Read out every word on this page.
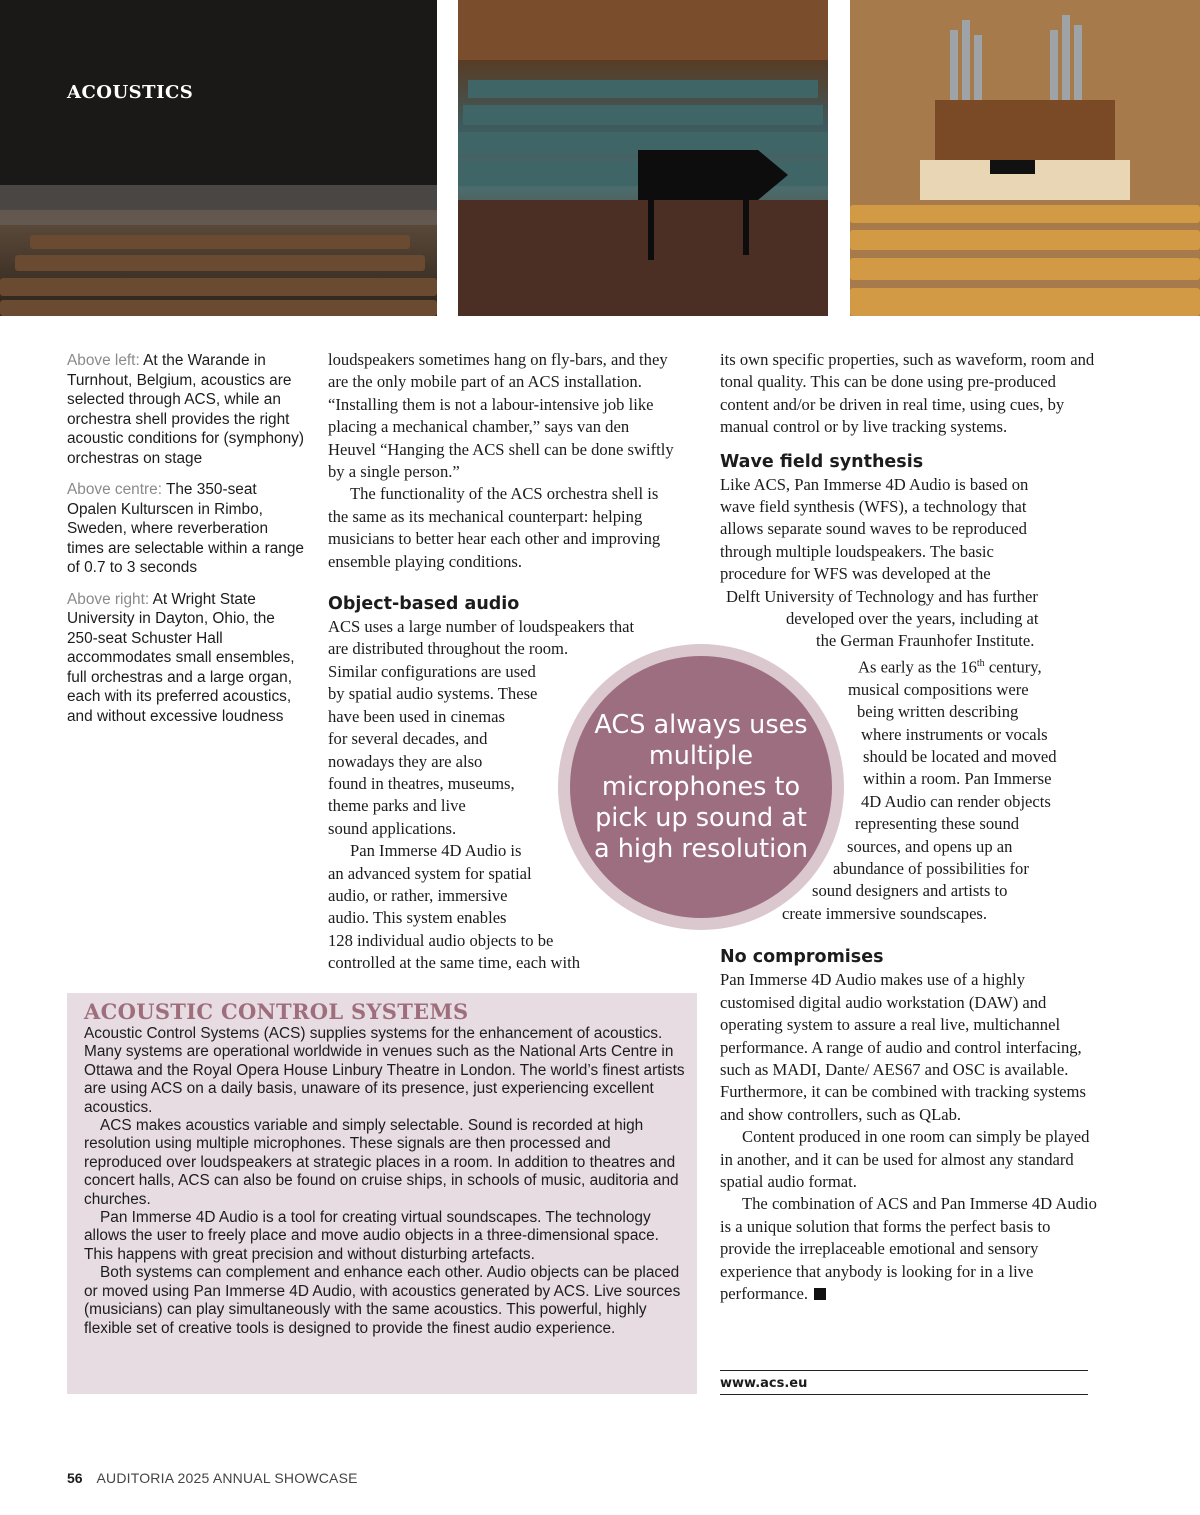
ACOUSTICS

Above left: At the Warande in Turnhout, Belgium, acoustics are selected through ACS, while an orchestra shell provides the right acoustic conditions for (symphony) orchestras on stage

Above centre: The 350-seat Opalen Kulturscen in Rimbo, Sweden, where reverberation times are selectable within a range of 0.7 to 3 seconds

Above right: At Wright State University in Dayton, Ohio, the 250-seat Schuster Hall accommodates small ensembles, full orchestras and a large organ, each with its preferred acoustics, and without excessive loudness

loudspeakers sometimes hang on fly-bars, and they are the only mobile part of an ACS installation. “Installing them is not a labour-intensive job like placing a mechanical chamber,” says van den Heuvel “Hanging the ACS shell can be done swiftly by a single person.”

The functionality of the ACS orchestra shell is the same as its mechanical counterpart: helping musicians to better hear each other and improving ensemble playing conditions.

Object-based audio
ACS uses a large number of loudspeakers that
are distributed throughout the room.
Similar configurations are used
by spatial audio systems. These
have been used in cinemas
for several decades, and
nowadays they are also
found in theatres, museums,
theme parks and live
sound applications.
Pan Immerse 4D Audio is
an advanced system for spatial
audio, or rather, immersive
audio. This system enables
128 individual audio objects to be
controlled at the same time, each with

its own specific properties, such as waveform, room and tonal quality. This can be done using pre-produced content and/or be driven in real time, using cues, by manual control or by live tracking systems.

Wave field synthesis
Like ACS, Pan Immerse 4D Audio is based on
wave field synthesis (WFS), a technology that
allows separate sound waves to be reproduced
through multiple loudspeakers. The basic
procedure for WFS was developed at the
Delft University of Technology and has further
developed over the years, including at
the German Fraunhofer Institute.
As early as the 16th century,
musical compositions were
being written describing
where instruments or vocals
should be located and moved
within a room. Pan Immerse
4D Audio can render objects
representing these sound
sources, and opens up an
abundance of possibilities for
sound designers and artists to
create immersive soundscapes.
No compromises

Pan Immerse 4D Audio makes use of a highly customised digital audio workstation (DAW) and operating system to assure a real live, multichannel performance. A range of audio and control interfacing, such as MADI, Dante/ AES67 and OSC is available. Furthermore, it can be combined with tracking systems and show controllers, such as QLab.

Content produced in one room can simply be played in another, and it can be used for almost any standard spatial audio format.

The combination of ACS and Pan Immerse 4D Audio is a unique solution that forms the perfect basis to provide the irreplaceable emotional and sensory experience that anybody is looking for in a live performance.

ACS always uses multiple microphones to pick up sound at a high resolution
ACOUSTIC CONTROL SYSTEMS

Acoustic Control Systems (ACS) supplies systems for the enhancement of acoustics. Many systems are operational worldwide in venues such as the National Arts Centre in Ottawa and the Royal Opera House Linbury Theatre in London. The world’s finest artists are using ACS on a daily basis, unaware of its presence, just experiencing excellent acoustics.

ACS makes acoustics variable and simply selectable. Sound is recorded at high resolution using multiple microphones. These signals are then processed and reproduced over loudspeakers at strategic places in a room. In addition to theatres and concert halls, ACS can also be found on cruise ships, in schools of music, auditoria and churches.

Pan Immerse 4D Audio is a tool for creating virtual soundscapes. The technology allows the user to freely place and move audio objects in a three-dimensional space. This happens with great precision and without disturbing artefacts.

Both systems can complement and enhance each other. Audio objects can be placed or moved using Pan Immerse 4D Audio, with acoustics generated by ACS. Live sources (musicians) can play simultaneously with the same acoustics. This powerful, highly flexible set of creative tools is designed to provide the finest audio experience.

www.acs.eu
56 AUDITORIA 2025 ANNUAL SHOWCASE
